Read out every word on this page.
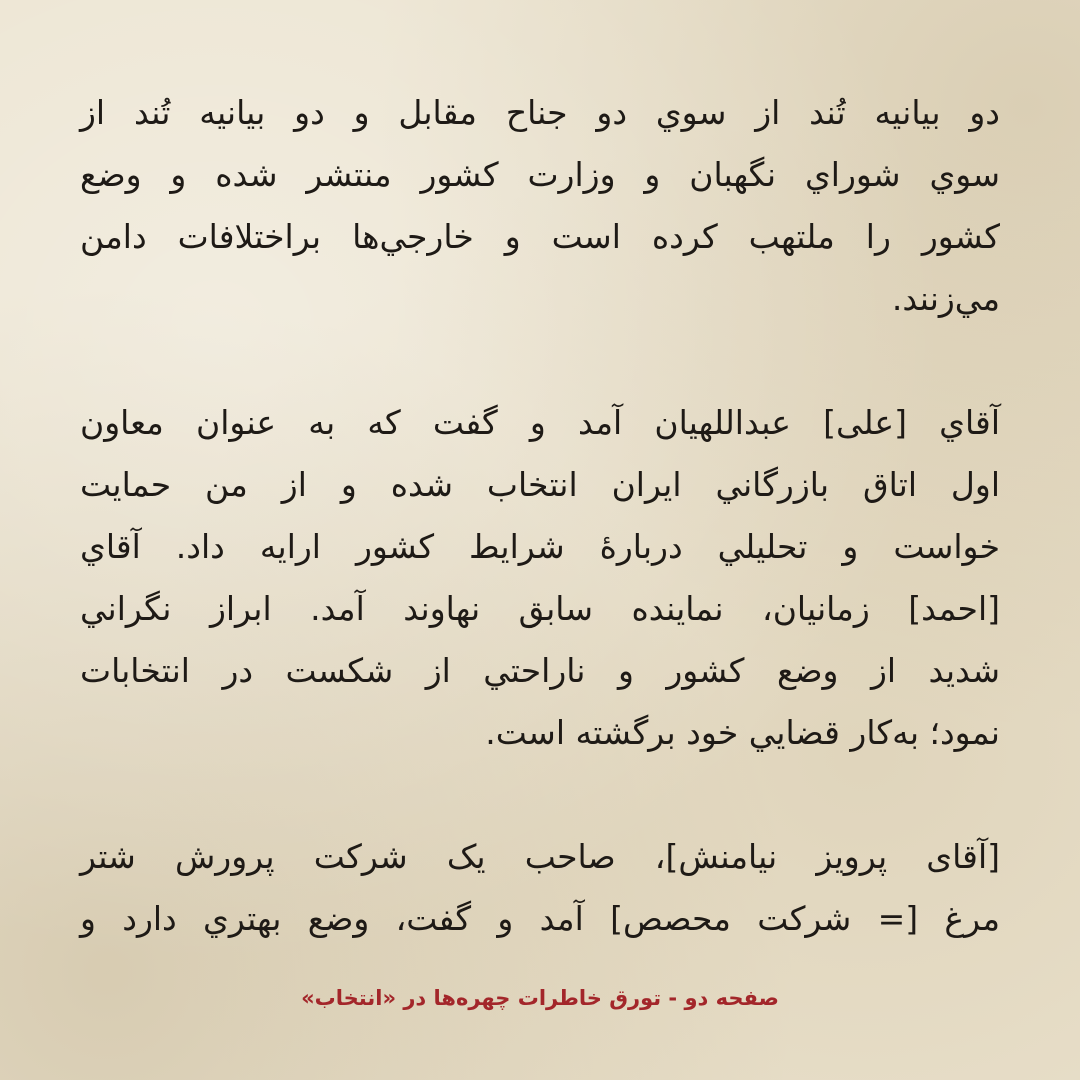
دو بیانیه تُند از سوي دو جناح مقابل و دو بیانیه تُند از
سوي شوراي نگهبان و وزارت کشور منتشر شده و وضع
کشور را ملتهب کرده است و خارجي‌ها براختلافات دامن
مي‌زنند.
آقاي [علی] عبداللهیان آمد و گفت که به عنوان معاون
اول اتاق بازرگاني ایران انتخاب شده و از من حمایت
خواست و تحلیلي دربارهٔ شرایط کشور ارایه داد. آقاي
[احمد] زمانیان، نماینده سابق نهاوند آمد. ابراز نگراني
شدید از وضع کشور و ناراحتي از شکست در انتخابات
نمود؛ به‌کار قضایي خود برگشته است.
[آقای پرویز نیامنش]، صاحب یک شرکت پرورش شتر
مرغ [= شرکت محصص] آمد و گفت، وضع بهتري دارد و
صفحه دو - تورق خاطرات چهره‌ها در «انتخاب»
